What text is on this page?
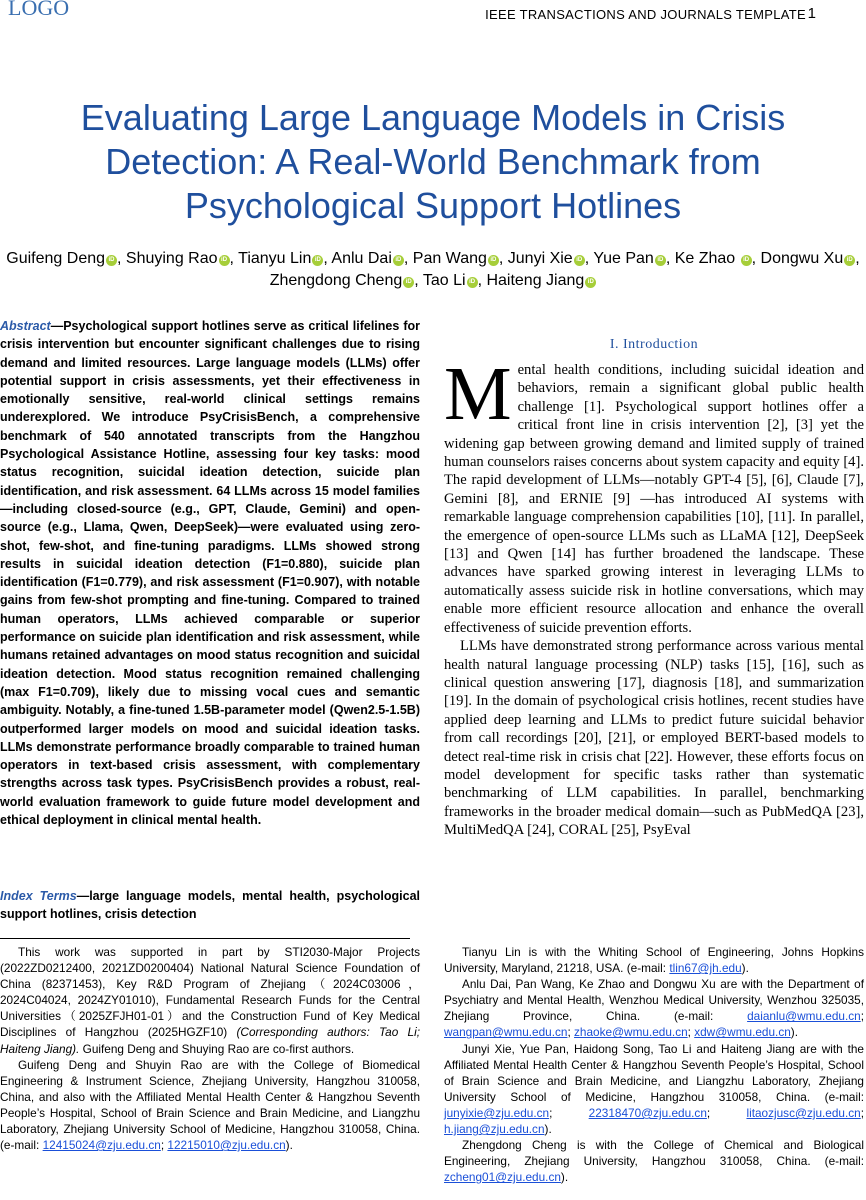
LOGO	IEEE TRANSACTIONS AND JOURNALS TEMPLATE 1
Evaluating Large Language Models in Crisis Detection: A Real-World Benchmark from Psychological Support Hotlines
Guifeng Deng iD , Shuying Rao iD , Tianyu Lin iD , Anlu Dai iD , Pan Wang iD , Junyi Xie iD , Yue Pan iD , Ke Zhao iD , Dongwu Xu iD , Zhengdong Cheng iD , Tao Li iD , Haiteng Jiang iD

Abstract—Psychological support hotlines serve as critical lifelines for crisis intervention but encounter significant challenges due to rising demand and limited resources. Large language models (LLMs) offer potential support in crisis assessments, yet their effectiveness in emotionally sensitive, real-world clinical settings remains underexplored. We introduce PsyCrisisBench, a comprehensive benchmark of 540 annotated transcripts from the Hangzhou Psychological Assistance Hotline, assessing four key tasks: mood status recognition, suicidal ideation detection, suicide plan identification, and risk assessment. 64 LLMs across 15 model families—including closed-source (e.g., GPT, Claude, Gemini) and open-source (e.g., Llama, Qwen, DeepSeek)—were evaluated using zero-shot, few-shot, and fine-tuning paradigms. LLMs showed strong results in suicidal ideation detection (F1=0.880), suicide plan identification (F1=0.779), and risk assessment (F1=0.907), with notable gains from few-shot prompting and fine-tuning. Compared to trained human operators, LLMs achieved comparable or superior performance on suicide plan identification and risk assessment, while humans retained advantages on mood status recognition and suicidal ideation detection. Mood status recognition remained challenging (max F1=0.709), likely due to missing vocal cues and semantic ambiguity. Notably, a fine-tuned 1.5B-parameter model (Qwen2.5-1.5B) outperformed larger models on mood and suicidal ideation tasks. LLMs demonstrate performance broadly comparable to trained human operators in text-based crisis assessment, with complementary strengths across task types. PsyCrisisBench provides a robust, real-world evaluation framework to guide future model development and ethical deployment in clinical mental health.

Index Terms—large language models, mental health, psychological support hotlines, crisis detection

I. Introduction

Mental health conditions, including suicidal ideation and behaviors, remain a significant global public health challenge [1]. Psychological support hotlines offer a critical front line in crisis intervention [2], [3] yet the widening gap between growing demand and limited supply of trained human counselors raises concerns about system capacity and equity [4]. The rapid development of LLMs—notably GPT-4 [5], [6], Claude [7], Gemini [8], and ERNIE [9] —has introduced AI systems with remarkable language comprehension capabilities [10], [11]. In parallel, the emergence of open-source LLMs such as LLaMA [12], DeepSeek [13] and Qwen [14] has further broadened the landscape. These advances have sparked growing interest in leveraging LLMs to automatically assess suicide risk in hotline conversations, which may enable more efficient resource allocation and enhance the overall effectiveness of suicide prevention efforts.

LLMs have demonstrated strong performance across various mental health natural language processing (NLP) tasks [15], [16], such as clinical question answering [17], diagnosis [18], and summarization [19]. In the domain of psychological crisis hotlines, recent studies have applied deep learning and LLMs to predict future suicidal behavior from call recordings [20], [21], or employed BERT-based models to detect real-time risk in crisis chat [22]. However, these efforts focus on model development for specific tasks rather than systematic benchmarking of LLM capabilities. In parallel, benchmarking frameworks in the broader medical domain—such as PubMedQA [23], MultiMedQA [24], CORAL [25], PsyEval

This work was supported in part by STI2030-Major Projects (2022ZD0212400, 2021ZD0200404) National Natural Science Foundation of China (82371453), Key R&D Program of Zhejiang（2024C03006，2024C04024, 2024ZY01010), Fundamental Research Funds for the Central Universities（2025ZFJH01-01）and the Construction Fund of Key Medical Disciplines of Hangzhou (2025HGZF10) (Corresponding authors: Tao Li; Haiteng Jiang). Guifeng Deng and Shuying Rao are co-first authors.

Guifeng Deng and Shuyin Rao are with the College of Biomedical Engineering & Instrument Science, Zhejiang University, Hangzhou 310058, China, and also with the Affiliated Mental Health Center & Hangzhou Seventh People’s Hospital, School of Brain Science and Brain Medicine, and Liangzhu Laboratory, Zhejiang University School of Medicine, Hangzhou 310058, China. (e-mail: 12415024@zju.edu.cn; 12215010@zju.edu.cn).

Tianyu Lin is with the Whiting School of Engineering, Johns Hopkins University, Maryland, 21218, USA. (e-mail: tlin67@jh.edu).

Anlu Dai, Pan Wang, Ke Zhao and Dongwu Xu are with the Department of Psychiatry and Mental Health, Wenzhou Medical University, Wenzhou 325035, Zhejiang Province, China. (e-mail:	daianlu@wmu.edu.cn; wangpan@wmu.edu.cn; zhaoke@wmu.edu.cn; xdw@wmu.edu.cn).

Junyi Xie, Yue Pan, Haidong Song, Tao Li and Haiteng Jiang are with the Affiliated Mental Health Center & Hangzhou Seventh People’s Hospital, School of Brain Science and Brain Medicine, and Liangzhu Laboratory, Zhejiang University School of Medicine, Hangzhou 310058, China. (e-mail: junyixie@zju.edu.cn; 22318470@zju.edu.cn; litaozjusc@zju.edu.cn; h.jiang@zju.edu.cn).

Zhengdong Cheng is with the College of Chemical and Biological Engineering, Zhejiang University, Hangzhou 310058, China. (e-mail: zcheng01@zju.edu.cn).
